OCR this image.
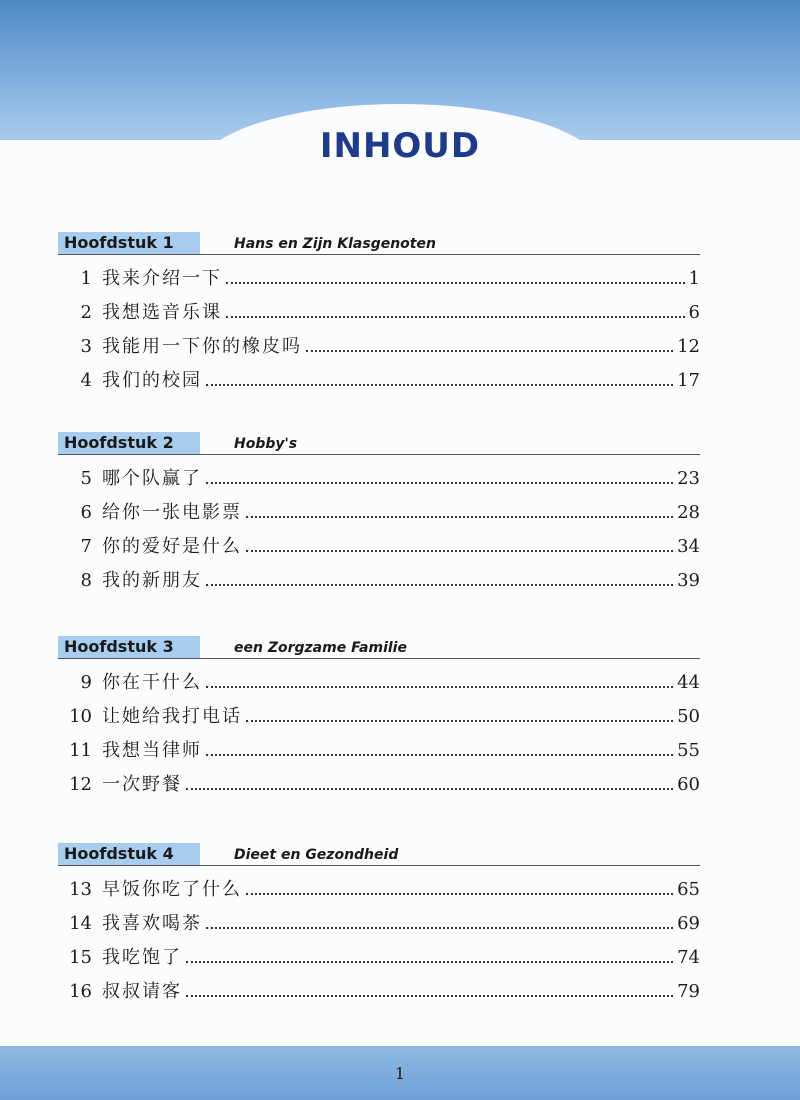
INHOUD
Hoofdstuk 1	Hans en Zijn Klasgenoten
1 我来介绍一下	1
2 我想选音乐课	6
3 我能用一下你的橡皮吗	12
4 我们的校园	17
Hoofdstuk 2	Hobby's
5 哪个队赢了	23
6 给你一张电影票	28
7 你的爱好是什么	34
8 我的新朋友	39
Hoofdstuk 3	een Zorgzame Familie
9 你在干什么	44
10 让她给我打电话	50
11 我想当律师	55
12 一次野餐	60
Hoofdstuk 4	Dieet en Gezondheid
13 早饭你吃了什么	65
14 我喜欢喝茶	69
15 我吃饱了	74
16 叔叔请客	79
1
